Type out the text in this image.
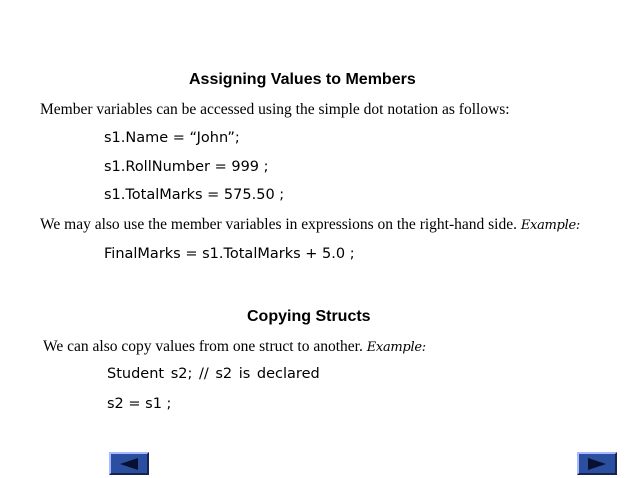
Assigning Values to Members
Member variables can be accessed using the simple dot notation as follows:
s1.Name = “John”;
s1.RollNumber = 999 ;
s1.TotalMarks = 575.50 ;
We may also use the member variables in expressions on the right-hand side. Example:
FinalMarks = s1.TotalMarks + 5.0 ;
Copying Structs
We can also copy values from one struct to another. Example:
Student s2; // s2 is declared
s2 = s1 ;
